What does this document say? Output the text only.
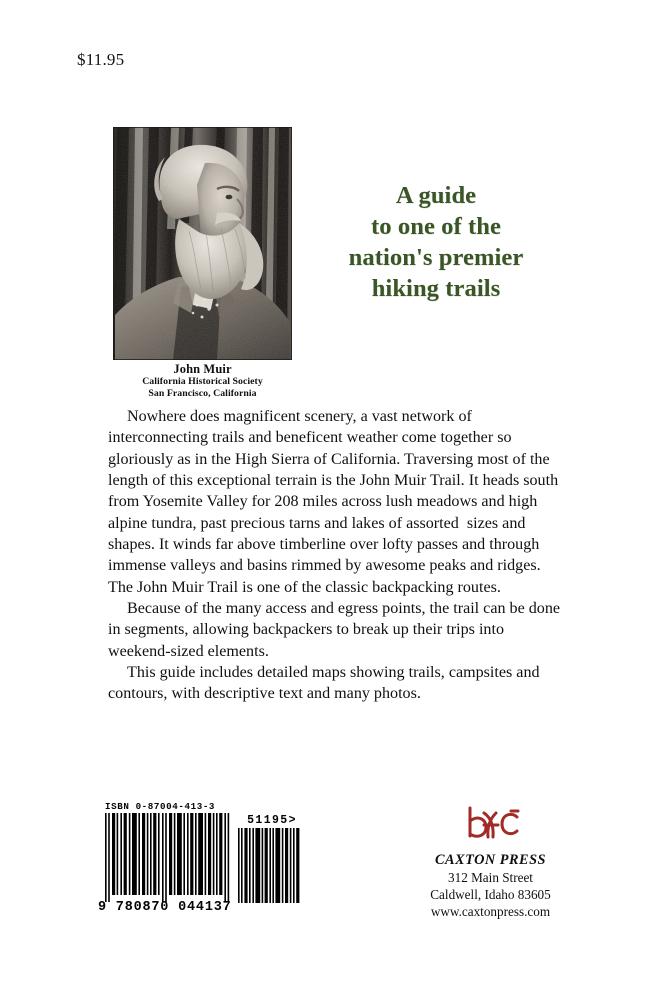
$11.95
John Muir
California Historical Society
San Francisco, California
A guide
to one of the
nation's premier
hiking trails

Nowhere does magnificent scenery, a vast network of interconnecting trails and beneficent weather come together so gloriously as in the High Sierra of California. Traversing most of the length of this exceptional terrain is the John Muir Trail. It heads south from Yosemite Valley for 208 miles across lush meadows and high alpine tundra, past precious tarns and lakes of assorted  sizes and shapes. It winds far above timberline over lofty passes and through immense valleys and basins rimmed by awesome peaks and ridges. The John Muir Trail is one of the classic backpacking routes.

Because of the many access and egress points, the trail can be done in segments, allowing backpackers to break up their trips into weekend-sized elements.

This guide includes detailed maps showing trails, campsites and contours, with descriptive text and many photos.

ISBN 0-87004-413-3
9 780870 044137
51195>
CAXTON PRESS
312 Main Street
Caldwell, Idaho 83605
www.caxtonpress.com
